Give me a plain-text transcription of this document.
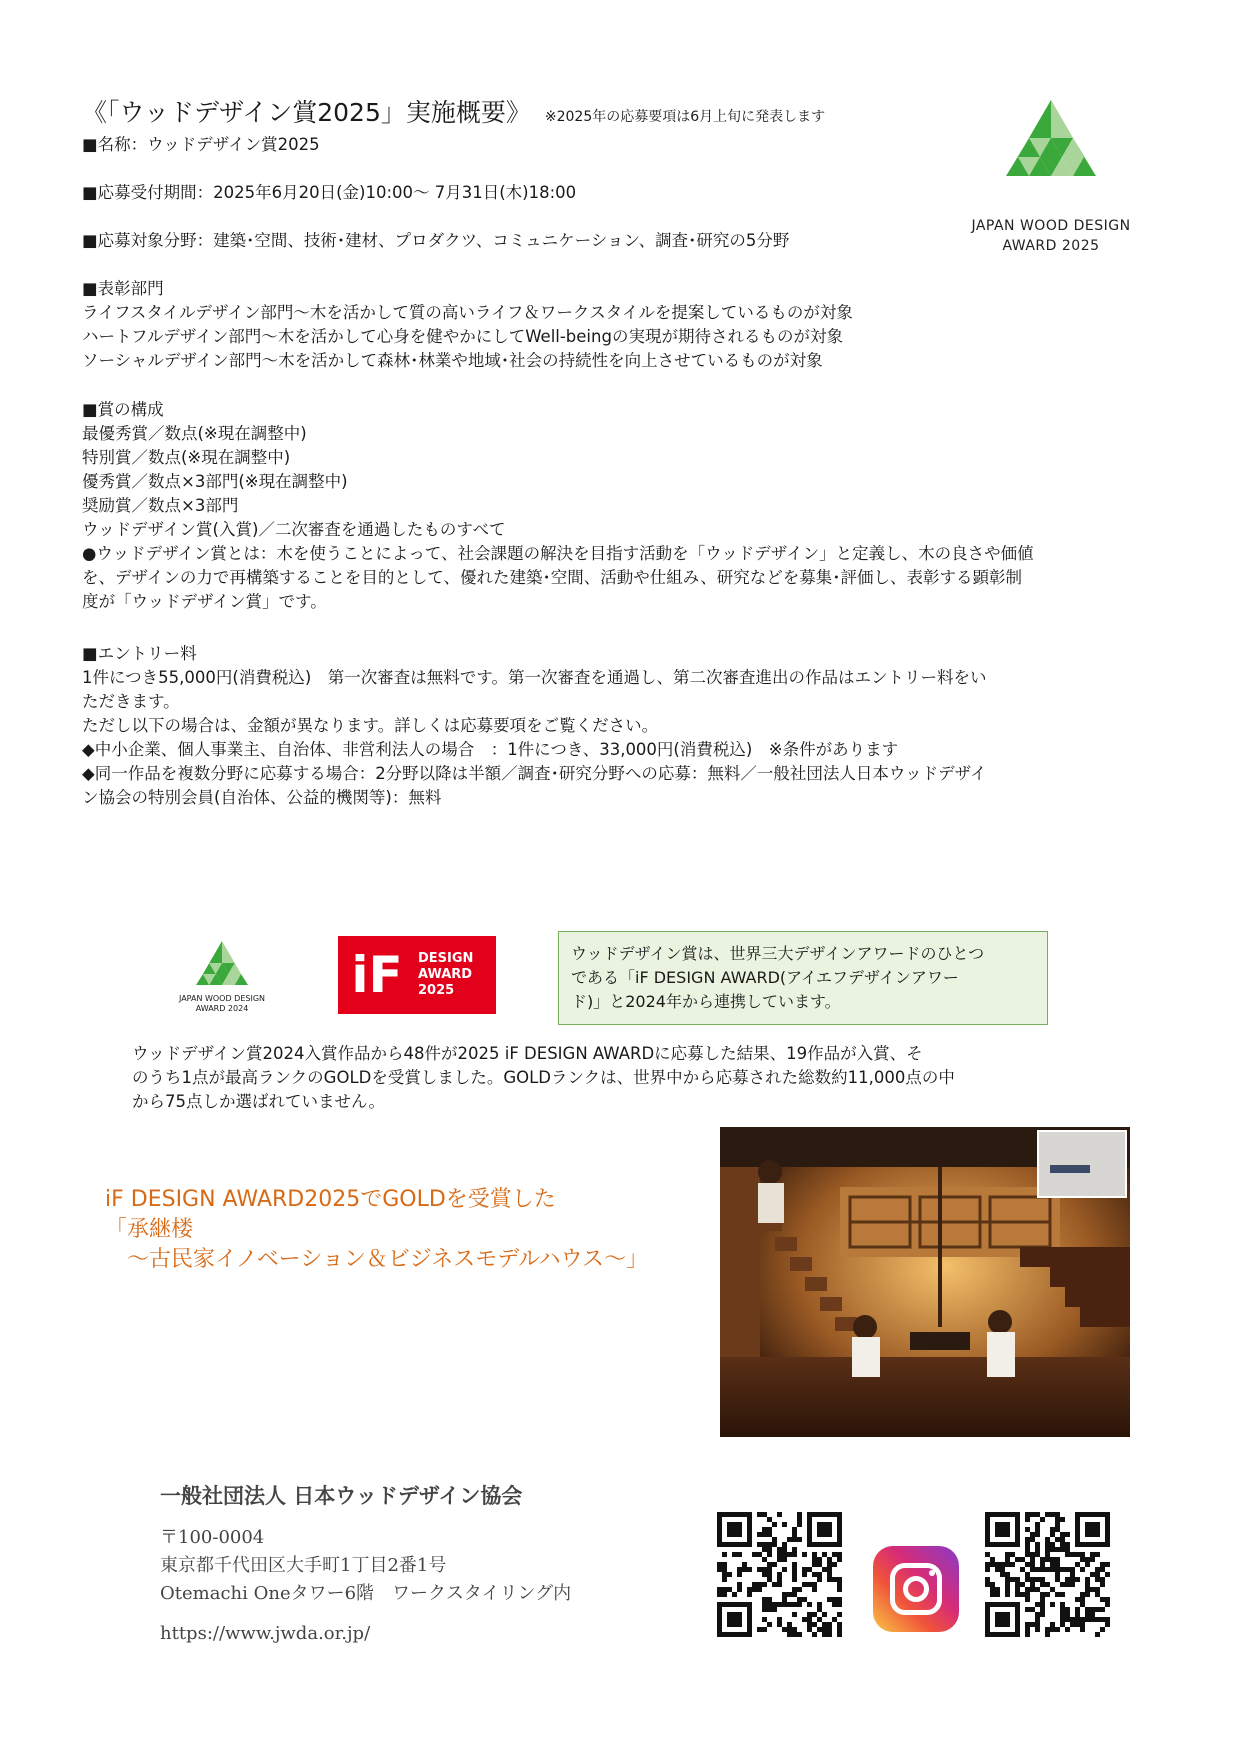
《「ウッドデザイン賞2025」実施概要》 ※2025年の応募要項は6月上旬に発表します
JAPAN WOOD DESIGN
AWARD 2025
■名称：ウッドデザイン賞2025
■応募受付期間：2025年6月20日(金)10:00～ 7月31日(木)18:00
■応募対象分野：建築･空間、技術･建材、プロダクツ、コミュニケーション、調査･研究の5分野
■表彰部門
ライフスタイルデザイン部門～木を活かして質の高いライフ＆ワークスタイルを提案しているものが対象
ハートフルデザイン部門～木を活かして心身を健やかにしてWell-beingの実現が期待されるものが対象
ソーシャルデザイン部門～木を活かして森林･林業や地域･社会の持続性を向上させているものが対象
■賞の構成
最優秀賞／数点(※現在調整中)
特別賞／数点(※現在調整中)
優秀賞／数点×3部門(※現在調整中)
奨励賞／数点×3部門
ウッドデザイン賞(入賞)／二次審査を通過したものすべて
●ウッドデザイン賞とは：木を使うことによって、社会課題の解決を目指す活動を「ウッドデザイン」と定義し、木の良さや価値
を、デザインの力で再構築することを目的として、優れた建築･空間、活動や仕組み、研究などを募集･評価し、表彰する顕彰制
度が「ウッドデザイン賞」です。
■エントリー料
1件につき55,000円(消費税込)　第一次審査は無料です。第一次審査を通過し、第二次審査進出の作品はエントリー料をい
ただきます。
ただし以下の場合は、金額が異なります。詳しくは応募要項をご覧ください。
◆中小企業、個人事業主、自治体、非営利法人の場合　：1件につき、33,000円(消費税込)　※条件があります
◆同一作品を複数分野に応募する場合：2分野以降は半額／調査･研究分野への応募：無料／一般社団法人日本ウッドデザイ
ン協会の特別会員(自治体、公益的機関等)：無料
JAPAN WOOD DESIGN
AWARD 2024
iF DESIGN
AWARD
2025
ウッドデザイン賞は、世界三大デザインアワードのひとつ
である「iF DESIGN AWARD(アイエフデザインアワー
ド)」と2024年から連携しています。
ウッドデザイン賞2024入賞作品から48件が2025 iF DESIGN AWARDに応募した結果、19作品が入賞、そ
のうち1点が最高ランクのGOLDを受賞しました。GOLDランクは、世界中から応募された総数約11,000点の中
から75点しか選ばれていません。
iF DESIGN AWARD2025でGOLDを受賞した
「承継楼
　～古民家イノベーション＆ビジネスモデルハウス～」
一般社団法人 日本ウッドデザイン協会
〒100-0004
東京都千代田区大手町1丁目2番1号
Otemachi Oneタワー6階　ワークスタイリング内
https://www.jwda.or.jp/
